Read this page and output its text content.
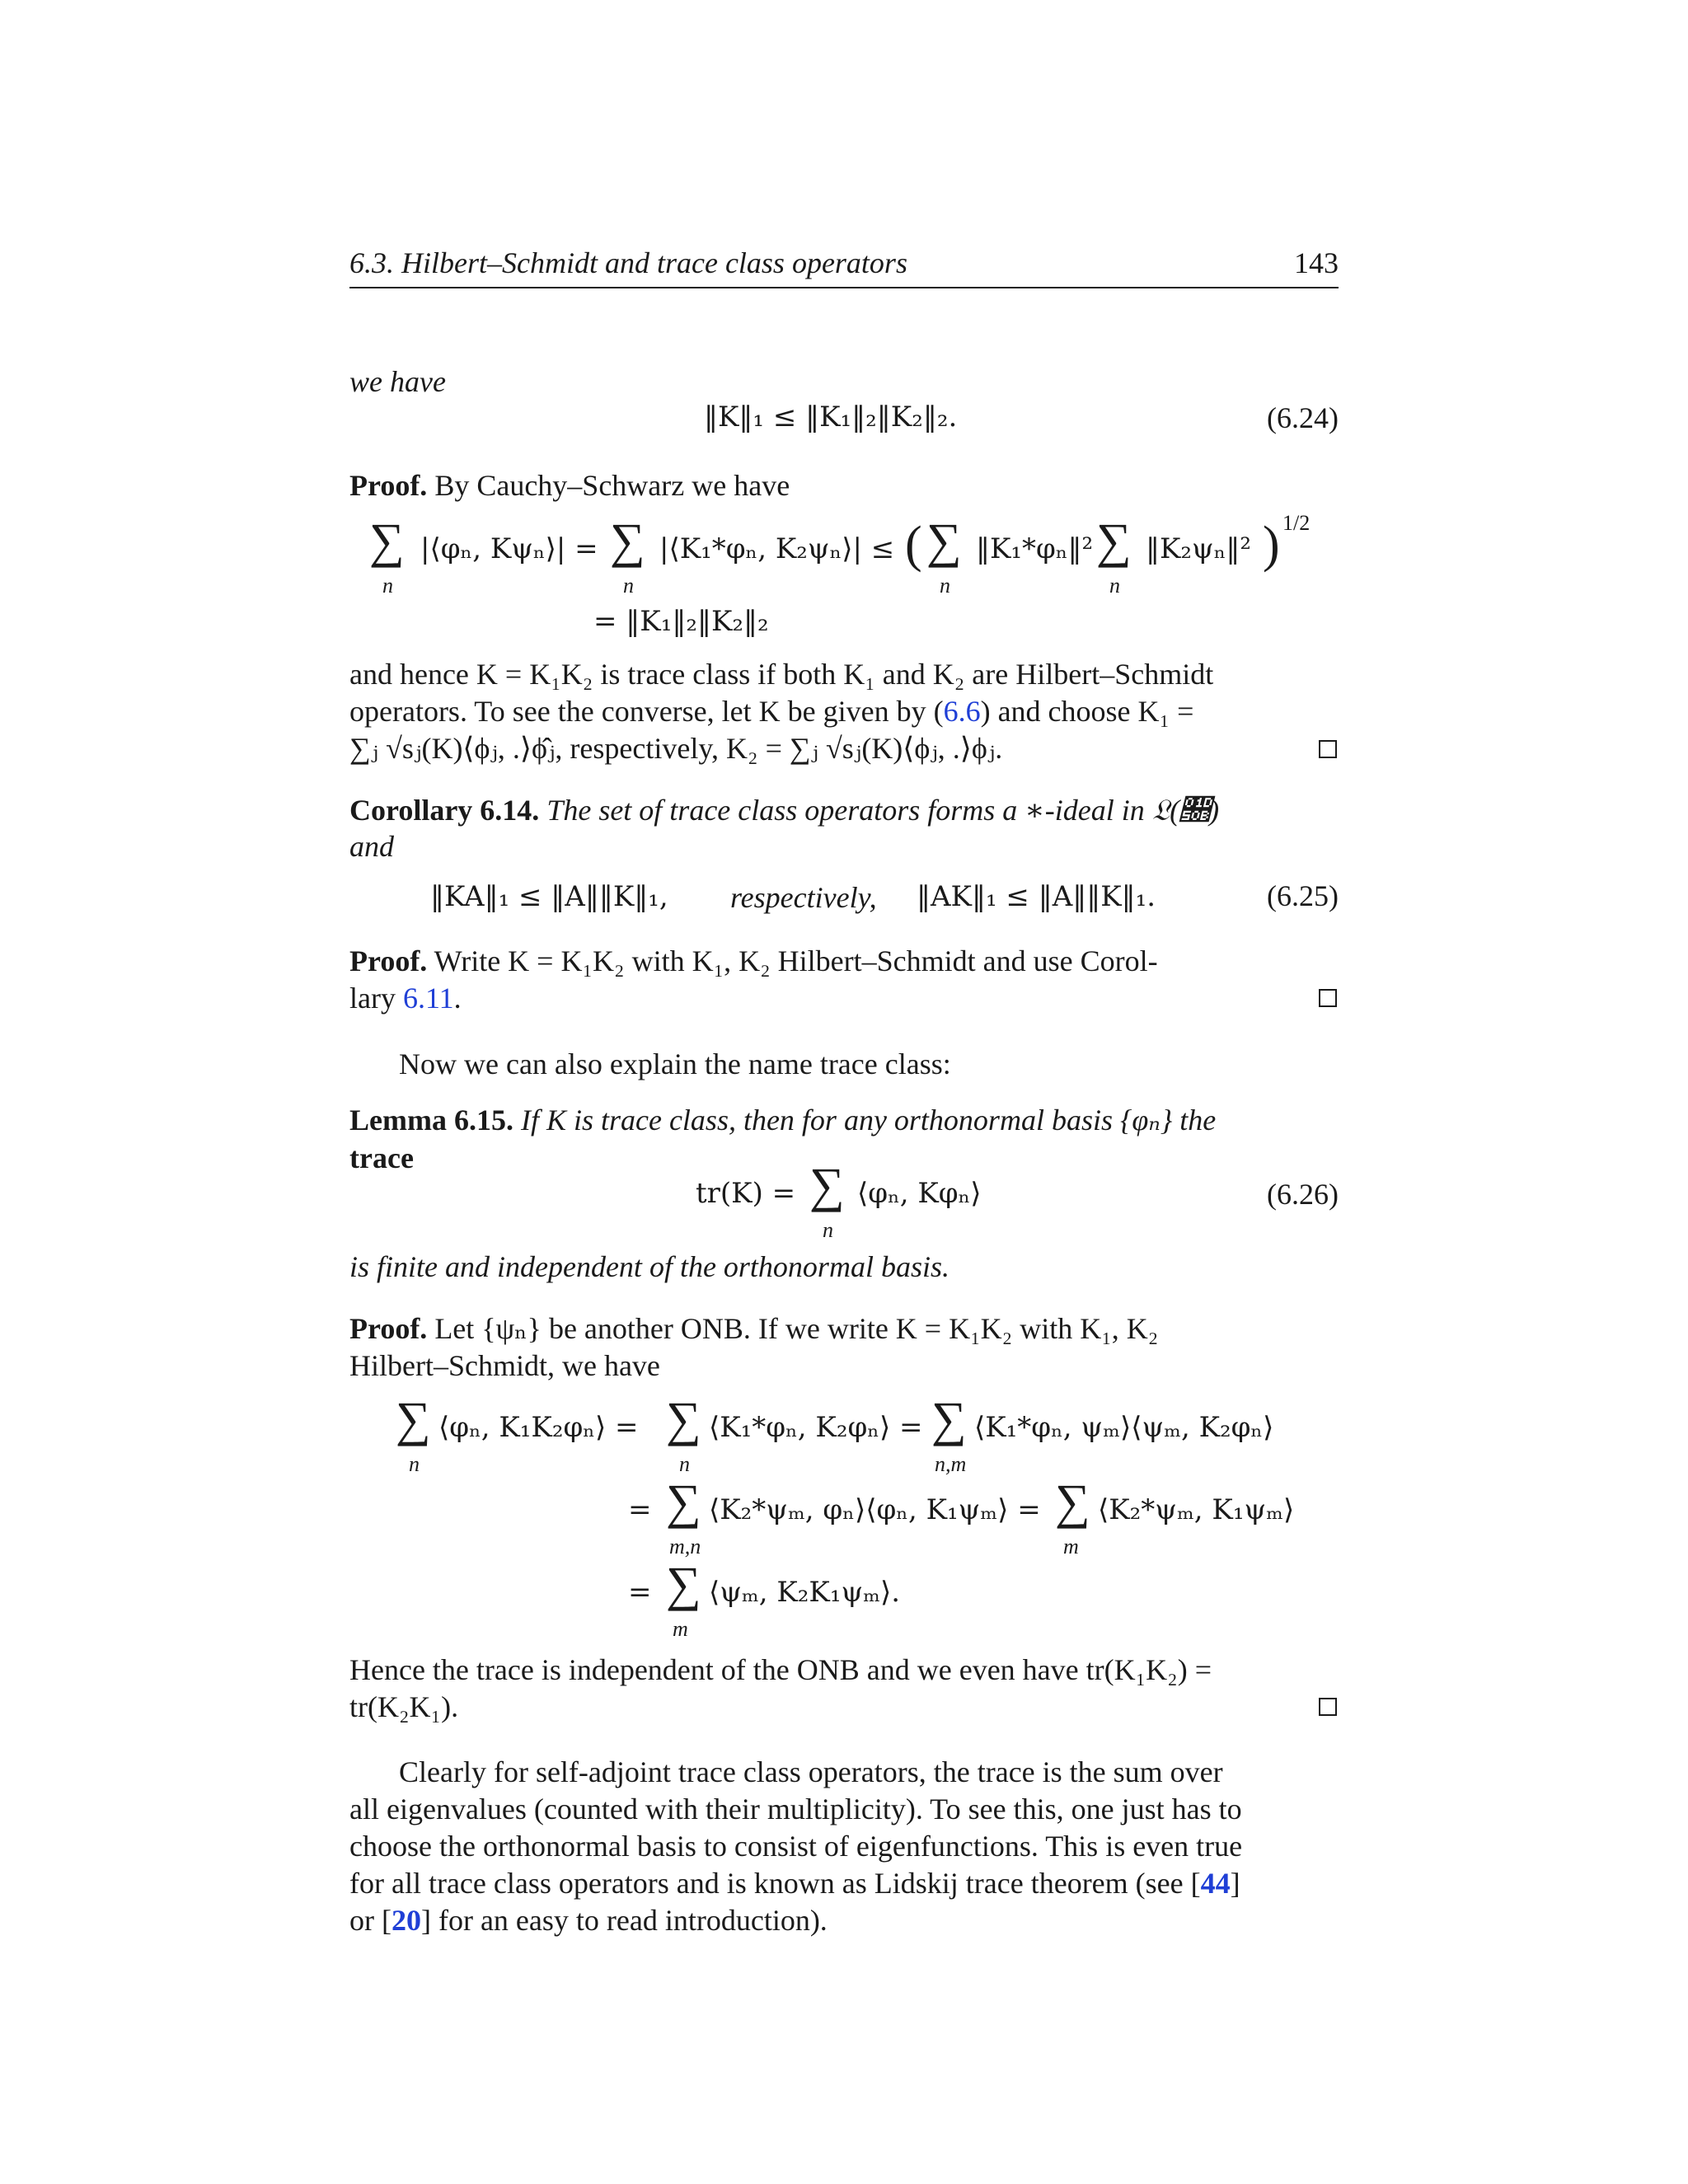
6.3. Hilbert–Schmidt and trace class operators	143
we have
‖K‖₁ ≤ ‖K₁‖₂‖K₂‖₂.	(6.24)
Proof. By Cauchy–Schwarz we have
∑
n
|⟨φₙ, Kψₙ⟩| = ∑
n
|⟨K₁*φₙ, K₂ψₙ⟩| ≤ ( ∑
n
‖K₁*φₙ‖² ∑
n
‖K₂ψₙ‖² ) 1/2
= ‖K₁‖₂‖K₂‖₂
and hence K = K₁K₂ is trace class if both K₁ and K₂ are Hilbert–Schmidt
operators. To see the converse, let K be given by (6.6) and choose K₁ =
∑ⱼ √sⱼ(K)⟨ϕⱼ, .⟩ϕ̂ⱼ, respectively, K₂ = ∑ⱼ √sⱼ(K)⟨ϕⱼ, .⟩ϕⱼ.
Corollary 6.14. The set of trace class operators forms a ∗-ideal in 𝔏(𝔋)
and
‖KA‖₁ ≤ ‖A‖‖K‖₁, respectively, ‖AK‖₁ ≤ ‖A‖‖K‖₁.	(6.25)
Proof. Write K = K₁K₂ with K₁, K₂ Hilbert–Schmidt and use Corol-
lary 6.11.
Now we can also explain the name trace class:
Lemma 6.15. If K is trace class, then for any orthonormal basis {φₙ} the
trace
tr(K) = ∑
n
⟨φₙ, Kφₙ⟩	(6.26)
is finite and independent of the orthonormal basis.
Proof. Let {ψₙ} be another ONB. If we write K = K₁K₂ with K₁, K₂
Hilbert–Schmidt, we have
∑
n
⟨φₙ, K₁K₂φₙ⟩ = ∑
n
⟨K₁*φₙ, K₂φₙ⟩ = ∑
n,m
⟨K₁*φₙ, ψₘ⟩⟨ψₘ, K₂φₙ⟩
= ∑
m,n
⟨K₂*ψₘ, φₙ⟩⟨φₙ, K₁ψₘ⟩ = ∑
m
⟨K₂*ψₘ, K₁ψₘ⟩
= ∑
m
⟨ψₘ, K₂K₁ψₘ⟩.
Hence the trace is independent of the ONB and we even have tr(K₁K₂) =
tr(K₂K₁).
Clearly for self-adjoint trace class operators, the trace is the sum over
all eigenvalues (counted with their multiplicity). To see this, one just has to
choose the orthonormal basis to consist of eigenfunctions. This is even true
for all trace class operators and is known as Lidskij trace theorem (see [44]
or [20] for an easy to read introduction).
